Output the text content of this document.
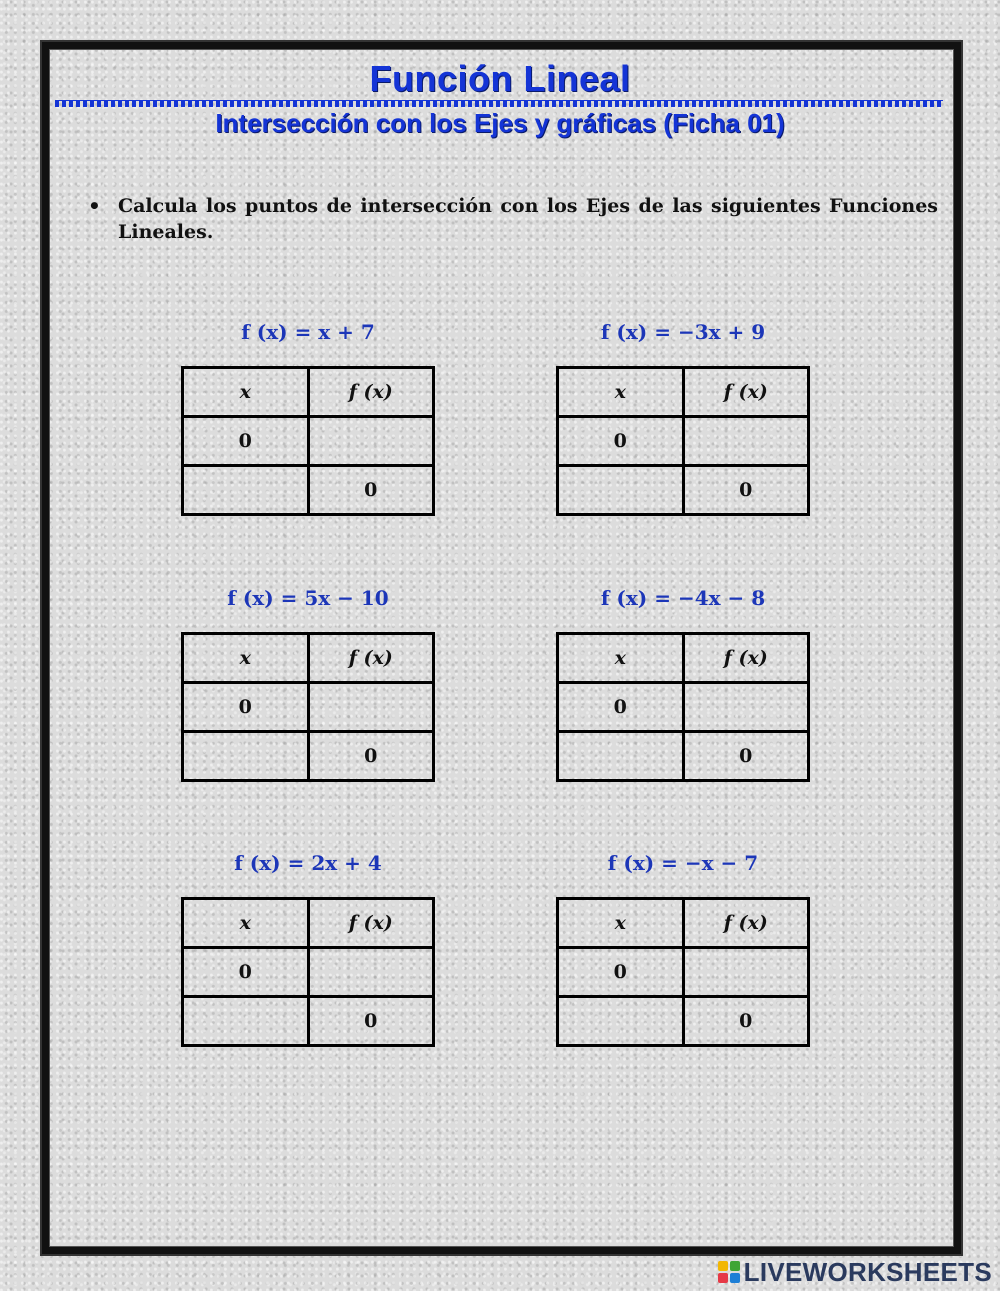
Función Lineal
Intersección con los Ejes y gráficas (Ficha 01)
• Calcula los puntos de intersección con los Ejes de las siguientes Funciones Lineales.
f (x) = x + 7
x	f (x)
0	
	0
f (x) = −3x + 9
x	f (x)
0	
	0
f (x) = 5x − 10
x	f (x)
0	
	0
f (x) = −4x − 8
x	f (x)
0	
	0
f (x) = 2x + 4
x	f (x)
0	
	0
f (x) = −x − 7
x	f (x)
0	
	0
LIVEWORKSHEETS
